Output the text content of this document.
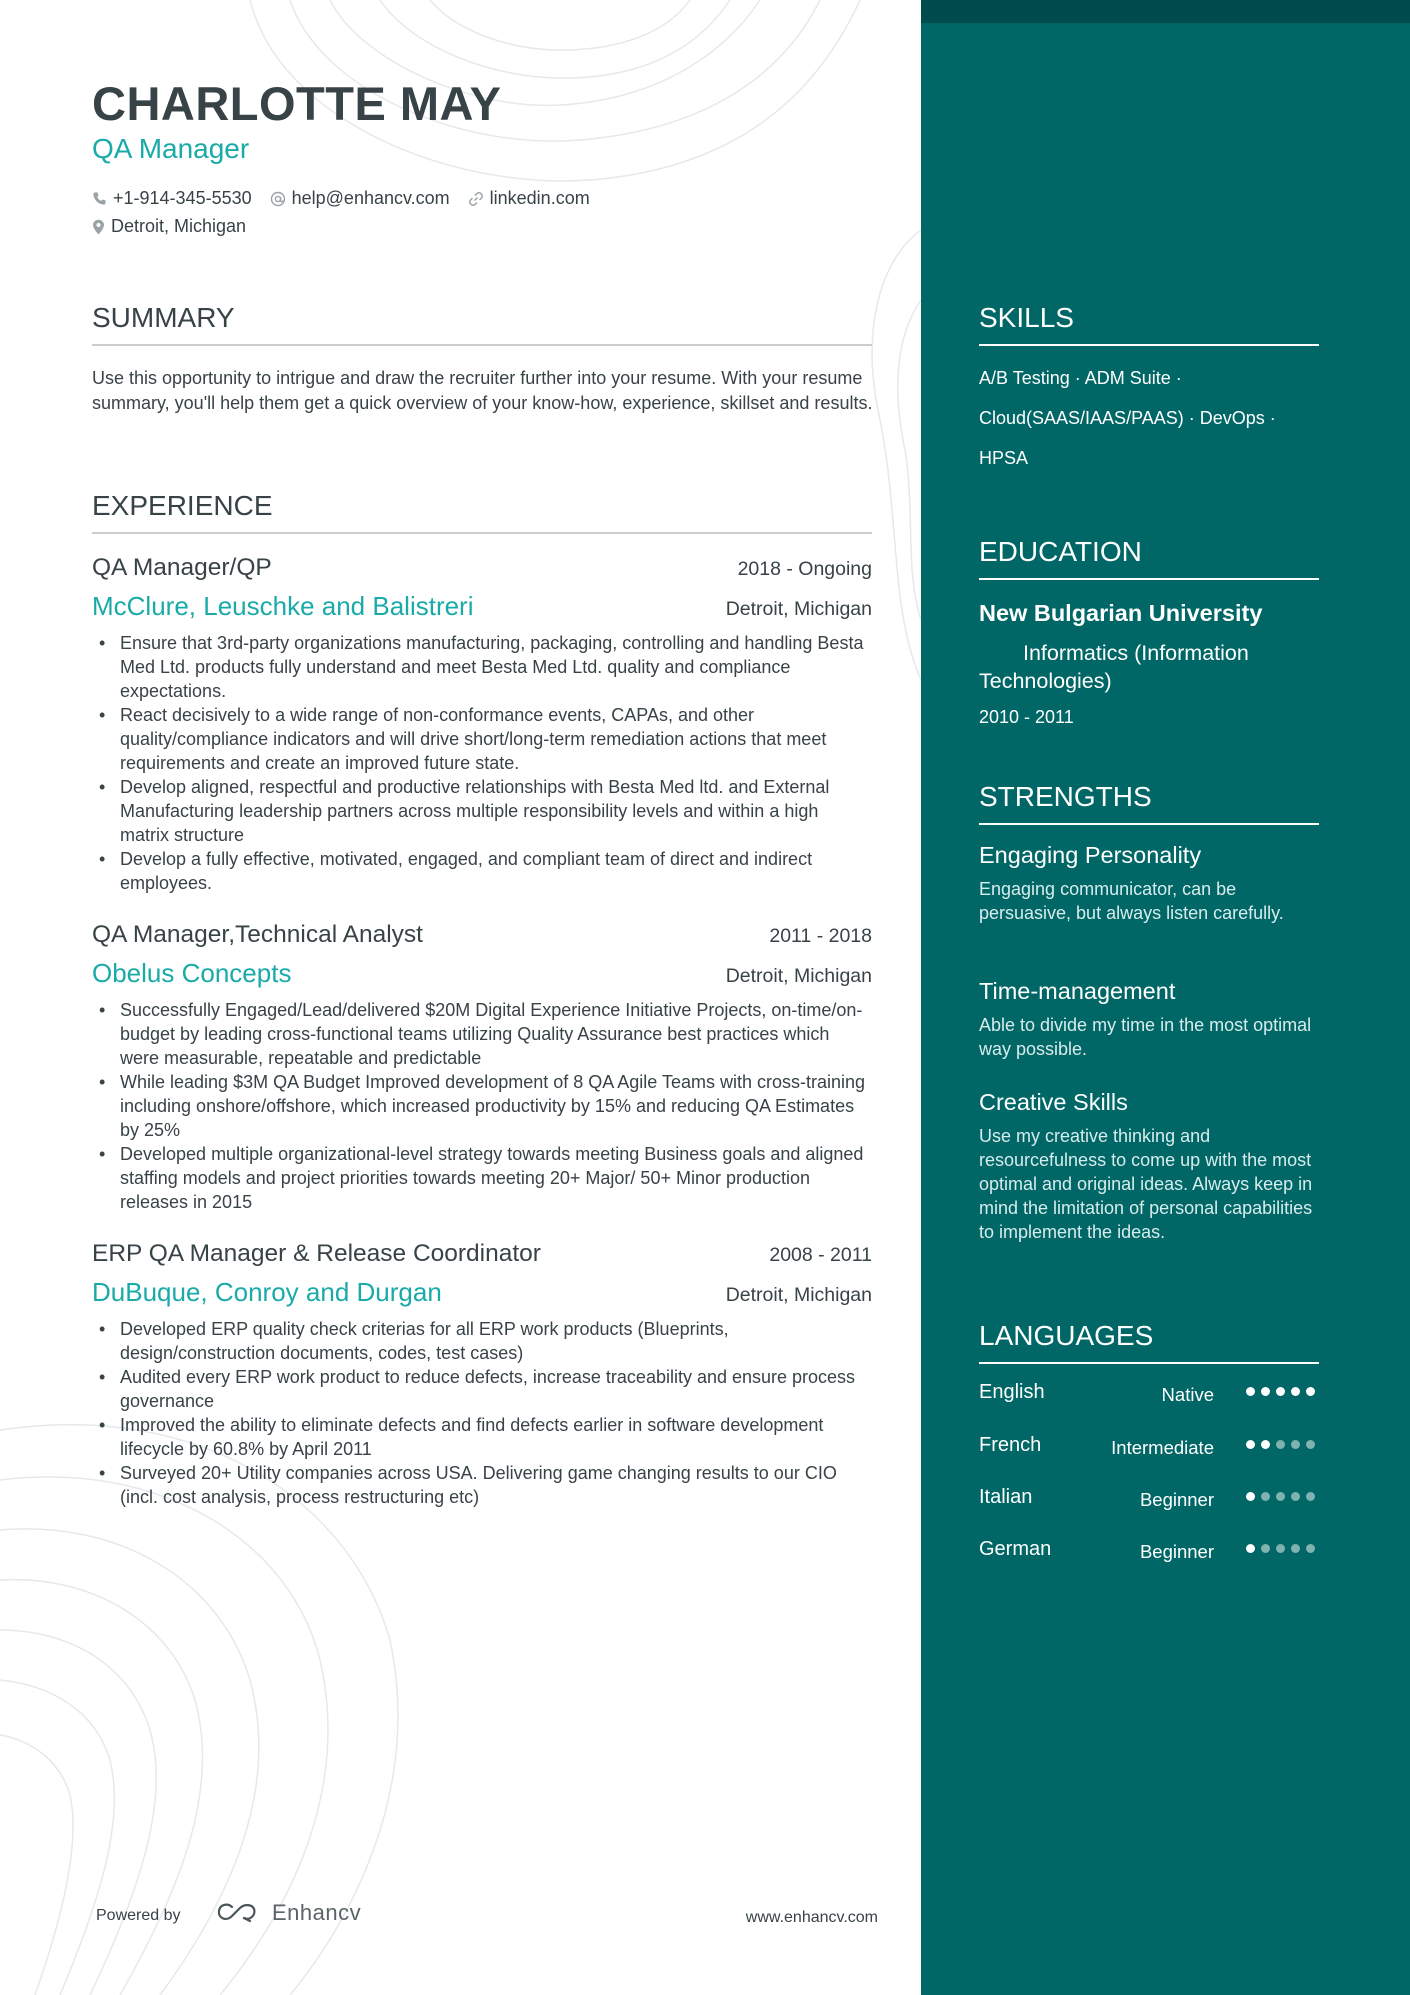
CHARLOTTE MAY
QA Manager
+1-914-345-5530 help@enhancv.com linkedin.com
Detroit, Michigan
SUMMARY
Use this opportunity to intrigue and draw the recruiter further into your resume. With your resume summary, you'll help them get a quick overview of your know-how, experience, skillset and results.
EXPERIENCE
QA Manager/QP	2018 - Ongoing
McClure, Leuschke and Balistreri	Detroit, Michigan
• Ensure that 3rd-party organizations manufacturing, packaging, controlling and handling Besta Med Ltd. products fully understand and meet Besta Med Ltd. quality and compliance expectations.
• React decisively to a wide range of non-conformance events, CAPAs, and other quality/compliance indicators and will drive short/long-term remediation actions that meet requirements and create an improved future state.
• Develop aligned, respectful and productive relationships with Besta Med ltd. and External Manufacturing leadership partners across multiple responsibility levels and within a high matrix structure
• Develop a fully effective, motivated, engaged, and compliant team of direct and indirect employees.
QA Manager,Technical Analyst	2011 - 2018
Obelus Concepts	Detroit, Michigan
• Successfully Engaged/Lead/delivered $20M Digital Experience Initiative Projects, on-time/on-budget by leading cross-functional teams utilizing Quality Assurance best practices which were measurable, repeatable and predictable
• While leading $3M QA Budget Improved development of 8 QA Agile Teams with cross-training including onshore/offshore, which increased productivity by 15% and reducing QA Estimates by 25%
• Developed multiple organizational-level strategy towards meeting Business goals and aligned staffing models and project priorities towards meeting 20+ Major/ 50+ Minor production releases in 2015
ERP QA Manager & Release Coordinator	2008 - 2011
DuBuque, Conroy and Durgan	Detroit, Michigan
• Developed ERP quality check criterias for all ERP work products (Blueprints, design/construction documents, codes, test cases)
• Audited every ERP work product to reduce defects, increase traceability and ensure process governance
• Improved the ability to eliminate defects and find defects earlier in software development lifecycle by 60.8% by April 2011
• Surveyed 20+ Utility companies across USA. Delivering game changing results to our CIO (incl. cost analysis, process restructuring etc)
Powered by	Enhancv	www.enhancv.com
SKILLS
A/B Testing · ADM Suite ·
Cloud(SAAS/IAAS/PAAS) · DevOps ·
HPSA
EDUCATION
New Bulgarian University
Informatics (Information Technologies)
2010 - 2011
STRENGTHS
Engaging Personality
Engaging communicator, can be persuasive, but always listen carefully.
Time-management
Able to divide my time in the most optimal way possible.
Creative Skills
Use my creative thinking and resourcefulness to come up with the most optimal and original ideas. Always keep in mind the limitation of personal capabilities to implement the ideas.
LANGUAGES
English	Native
French	Intermediate
Italian	Beginner
German	Beginner
